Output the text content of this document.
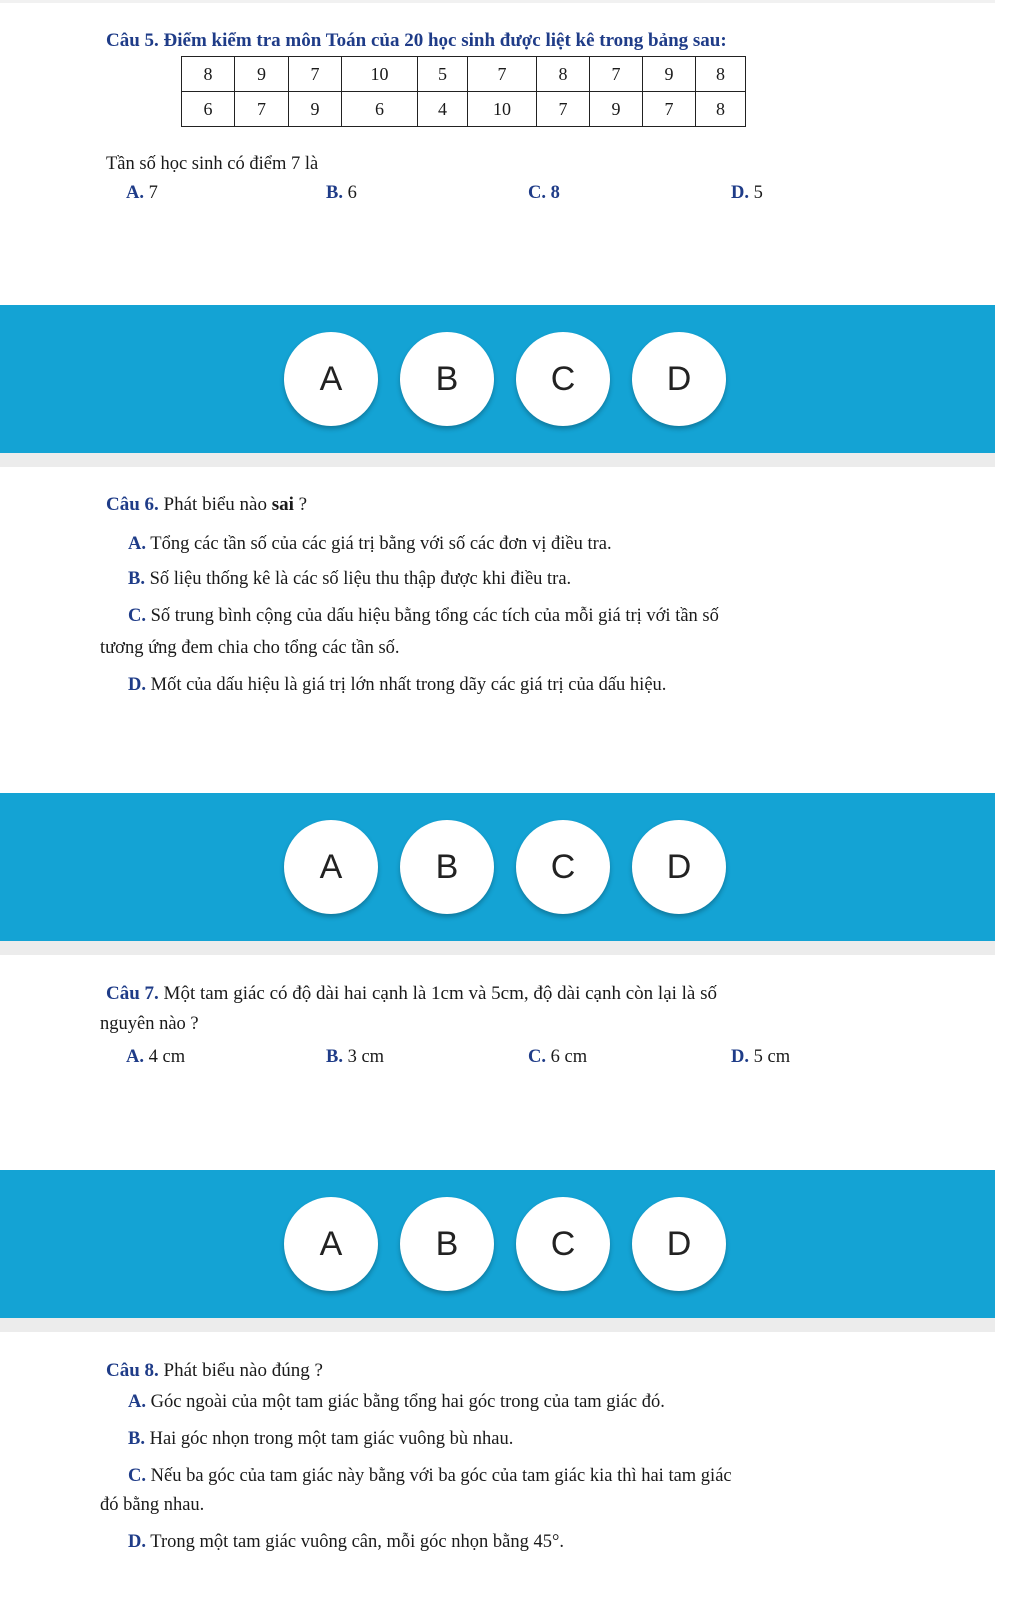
Câu 5. Điểm kiểm tra môn Toán của 20 học sinh được liệt kê trong bảng sau:
8	9	7	10	5	7	8	7	9	8
6	7	9	6	4	10	7	9	7	8
Tần số học sinh có điểm 7 là
A. 7	B. 6	C. 8	D. 5
A	B	C	D
Câu 6. Phát biểu nào sai ?
A. Tổng các tần số của các giá trị bằng với số các đơn vị điều tra.
B. Số liệu thống kê là các số liệu thu thập được khi điều tra.
C. Số trung bình cộng của dấu hiệu bằng tổng các tích của mỗi giá trị với tần số
tương ứng đem chia cho tổng các tần số.
D. Mốt của dấu hiệu là giá trị lớn nhất trong dãy các giá trị của dấu hiệu.
A	B	C	D
Câu 7. Một tam giác có độ dài hai cạnh là 1cm và 5cm, độ dài cạnh còn lại là số
nguyên nào ?
A. 4 cm	B. 3 cm	C. 6 cm	D. 5 cm
A	B	C	D
Câu 8. Phát biểu nào đúng ?
A. Góc ngoài của một tam giác bằng tổng hai góc trong của tam giác đó.
B. Hai góc nhọn trong một tam giác vuông bù nhau.
C. Nếu ba góc của tam giác này bằng với ba góc của tam giác kia thì hai tam giác
đó bằng nhau.
D. Trong một tam giác vuông cân, mỗi góc nhọn bằng 45°.
